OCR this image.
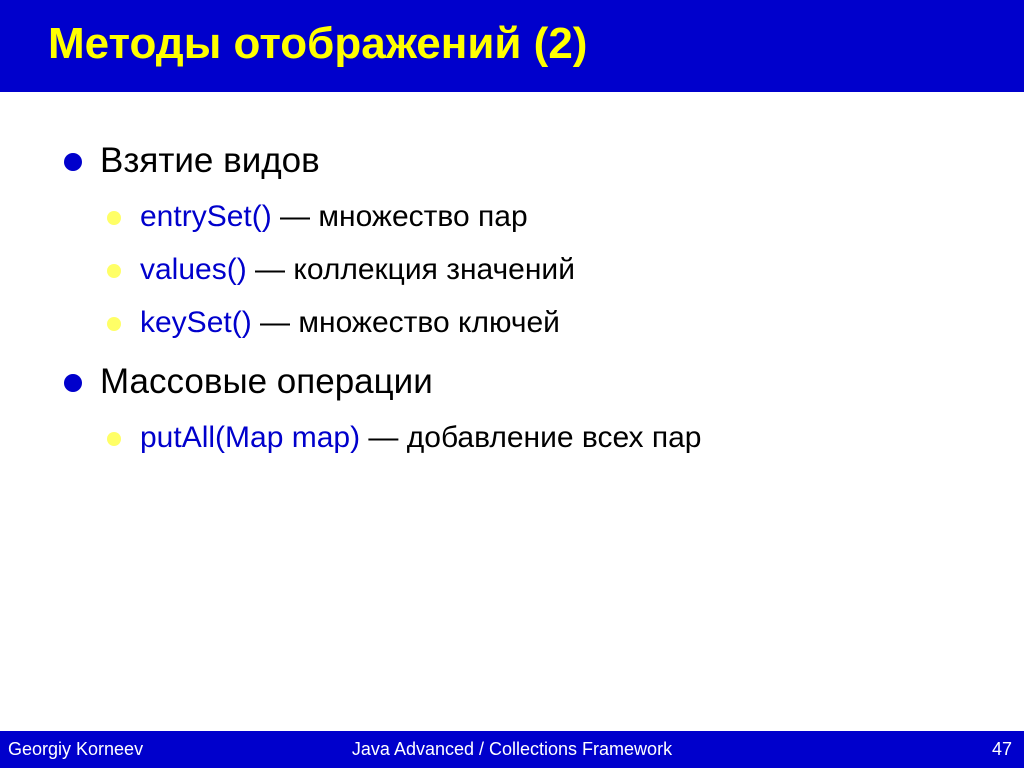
Методы отображений (2)
Взятие видов
entrySet() — множество пар
values() — коллекция значений
keySet() — множество ключей
Массовые операции
putAll(Map map) — добавление всех пар
Java Advanced / Collections Framework
Georgiy Korneev	47
